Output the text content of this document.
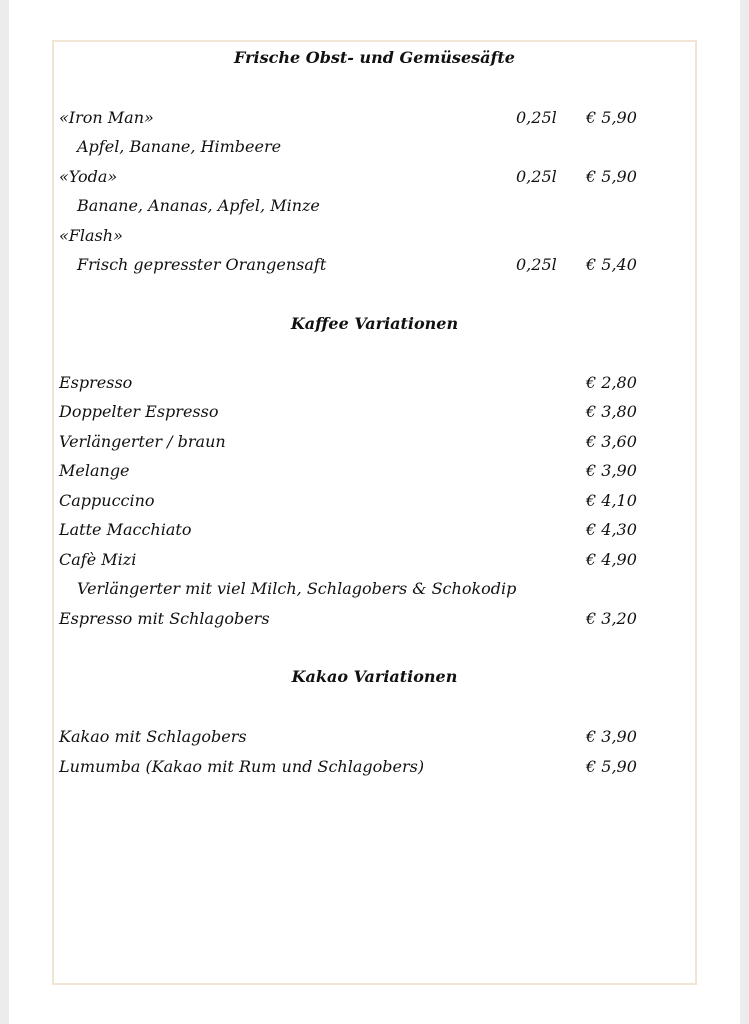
Frische Obst- und Gemüsesäfte
«Iron Man»	0,25l € 5,90
Apfel, Banane, Himbeere
«Yoda»	0,25l € 5,90
Banane, Ananas, Apfel, Minze
«Flash»
Frisch gepresster Orangensaft	0,25l € 5,40
Kaffee Variationen
Espresso	€ 2,80
Doppelter Espresso	€ 3,80
Verlängerter / braun	€ 3,60
Melange	€ 3,90
Cappuccino	€ 4,10
Latte Macchiato	€ 4,30
Cafè Mizi	€ 4,90
Verlängerter mit viel Milch, Schlagobers & Schokodip
Espresso mit Schlagobers	€ 3,20
Kakao Variationen
Kakao mit Schlagobers	€ 3,90
Lumumba (Kakao mit Rum und Schlagobers)	€ 5,90
